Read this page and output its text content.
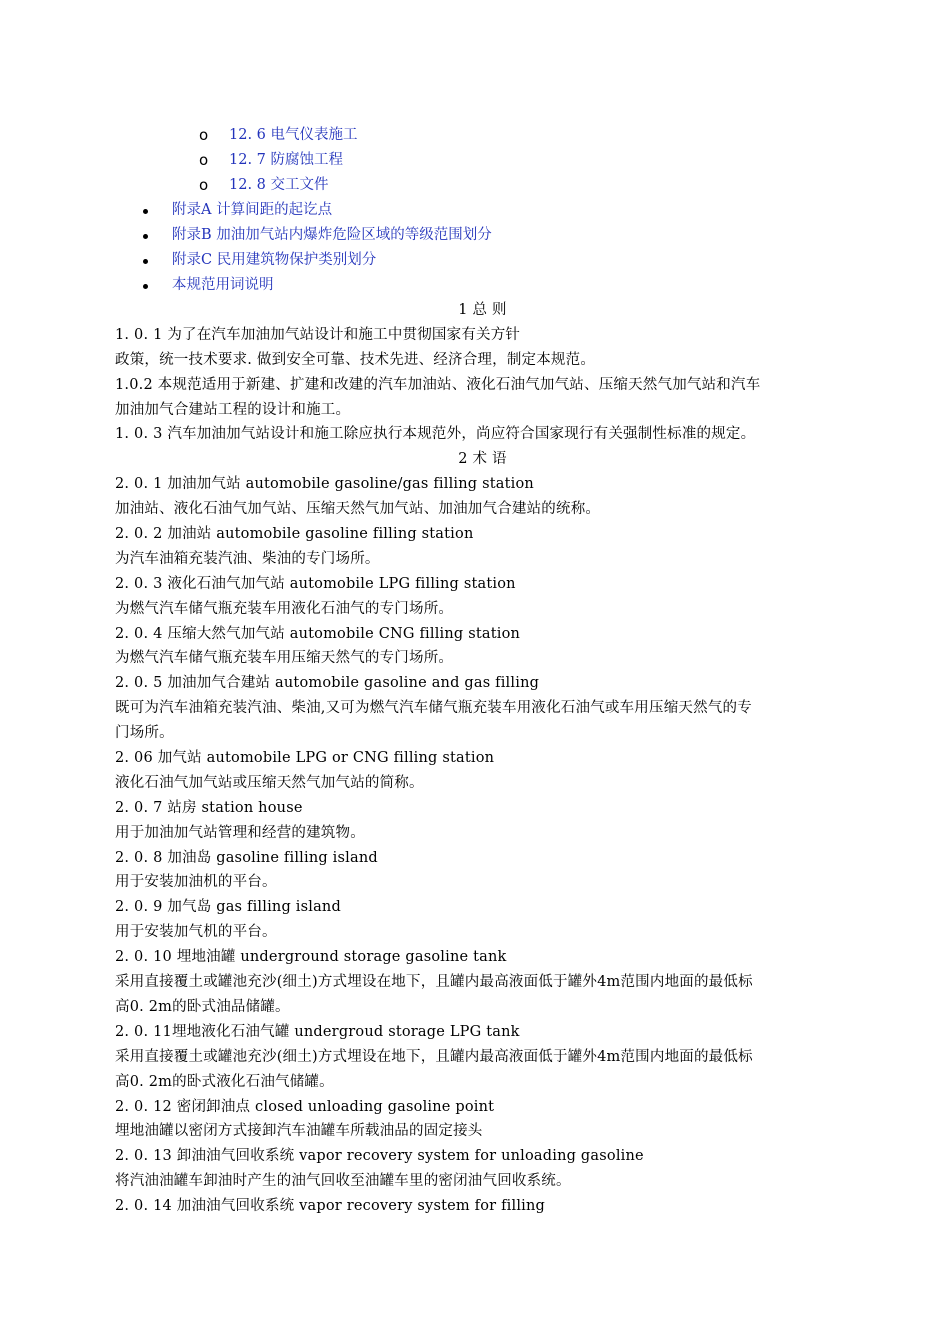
o 12. 6 电气仪表施工
o 12. 7 防腐蚀工程
o 12. 8 交工文件
附录A 计算间距的起讫点
附录B 加油加气站内爆炸危险区域的等级范围划分
附录C 民用建筑物保护类别划分
本规范用词说明

1 总 则

1. 0. 1 为了在汽车加油加气站设计和施工中贯彻国家有关方针

政策，统一技术要求. 做到安全可靠、技术先进、经济合理，制定本规范。

1.0.2 本规范适用于新建、扩建和改建的汽车加油站、液化石油气加气站、压缩天然气加气站和汽车

加油加气合建站工程的设计和施工。

1. 0. 3 汽车加油加气站设计和施工除应执行本规范外，尚应符合国家现行有关强制性标准的规定。

2 术 语

2. 0. 1 加油加气站 automobile gasoline/gas filling station

加油站、液化石油气加气站、压缩天然气加气站、加油加气合建站的统称。

2. 0. 2 加油站 automobile gasoline filling station

为汽车油箱充装汽油、柴油的专门场所。

2. 0. 3 液化石油气加气站 automobile LPG filling station

为燃气汽车储气瓶充装车用液化石油气的专门场所。

2. 0. 4 压缩大然气加气站 automobile CNG filling station

为燃气汽车储气瓶充装车用压缩天然气的专门场所。

2. 0. 5 加油加气合建站 automobile gasoline and gas filling

既可为汽车油箱充装汽油、柴油,又可为燃气汽车储气瓶充装车用液化石油气或车用压缩天然气的专

门场所。

2. 06 加气站 automobile LPG or CNG filling station

液化石油气加气站或压缩天然气加气站的简称。

2. 0. 7 站房 station house

用于加油加气站管理和经营的建筑物。

2. 0. 8 加油岛 gasoline filling island

用于安装加油机的平台。

2. 0. 9 加气岛 gas filling island

用于安装加气机的平台。

2. 0. 10 埋地油罐 underground storage gasoline tank

采用直接覆土或罐池充沙(细土)方式埋设在地下，且罐内最高液面低于罐外4m范围内地面的最低标

高0. 2m的卧式油品储罐。

2. 0. 11埋地液化石油气罐 undergroud storage LPG tank

采用直接覆土或罐池充沙(细土)方式埋设在地下，且罐内最高液面低于罐外4m范围内地面的最低标

高0. 2m的卧式液化石油气储罐。

2. 0. 12 密闭卸油点 closed unloading gasoline point

埋地油罐以密闭方式接卸汽车油罐车所载油品的固定接头

2. 0. 13 卸油油气回收系统 vapor recovery system for unloading gasoline

将汽油油罐车卸油时产生的油气回收至油罐车里的密闭油气回收系统。

2. 0. 14 加油油气回收系统 vapor recovery system for filling
